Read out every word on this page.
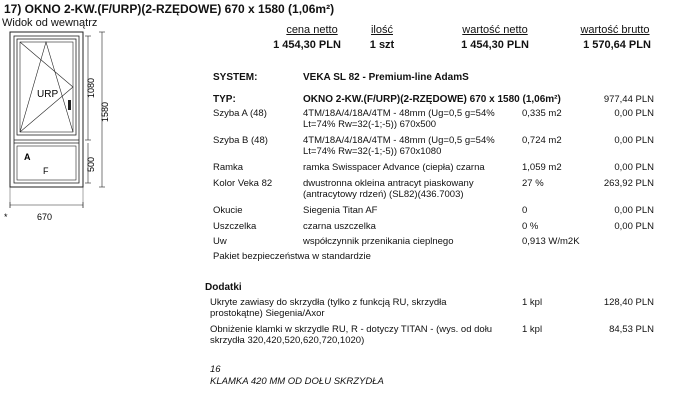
17) OKNO 2-KW.(F/URP)(2-RZĘDOWE) 670 x 1580 (1,06m²)
Widok od wewnątrz
URP
A
F
1080
500
1580
670
*
cena netto	ilość	wartość netto	wartość brutto
1 454,30 PLN	1 szt	1 454,30 PLN	1 570,64 PLN
SYSTEM:	VEKA SL 82 - Premium-line AdamS
TYP:	OKNO 2-KW.(F/URP)(2-RZĘDOWE) 670 x 1580 (1,06m²)	977,44 PLN
Szyba A (48)	4TM/18A/4/18A/4TM - 48mm (Ug=0,5 g=54%
Lt=74% Rw=32(-1;-5)) 670x500
0,335 m2	0,00 PLN
Szyba B (48)	4TM/18A/4/18A/4TM - 48mm (Ug=0,5 g=54%
Lt=74% Rw=32(-1;-5)) 670x1080
0,724 m2	0,00 PLN
Ramka	ramka Swisspacer Advance (ciepła) czarna	1,059 m2	0,00 PLN
Kolor Veka 82	dwustronna okleina antracyt piaskowany
(antracytowy rdzeń) (SL82)(436.7003)
27 %	263,92 PLN
Okucie	Siegenia Titan AF	0	0,00 PLN
Uszczelka	czarna uszczelka	0 %	0,00 PLN
Uw	współczynnik przenikania cieplnego	0,913 W/m2K
Pakiet bezpieczeństwa w standardzie
Dodatki
Ukryte zawiasy do skrzydła (tylko z funkcją RU, skrzydła
prostokątne) Siegenia/Axor
1 kpl	128,40 PLN
Obniżenie klamki w skrzydle RU, R - dotyczy TITAN - (wys. od dołu
skrzydła 320,420,520,620,720,1020)
1 kpl	84,53 PLN
16
KLAMKA 420 MM OD DOŁU SKRZYDŁA
